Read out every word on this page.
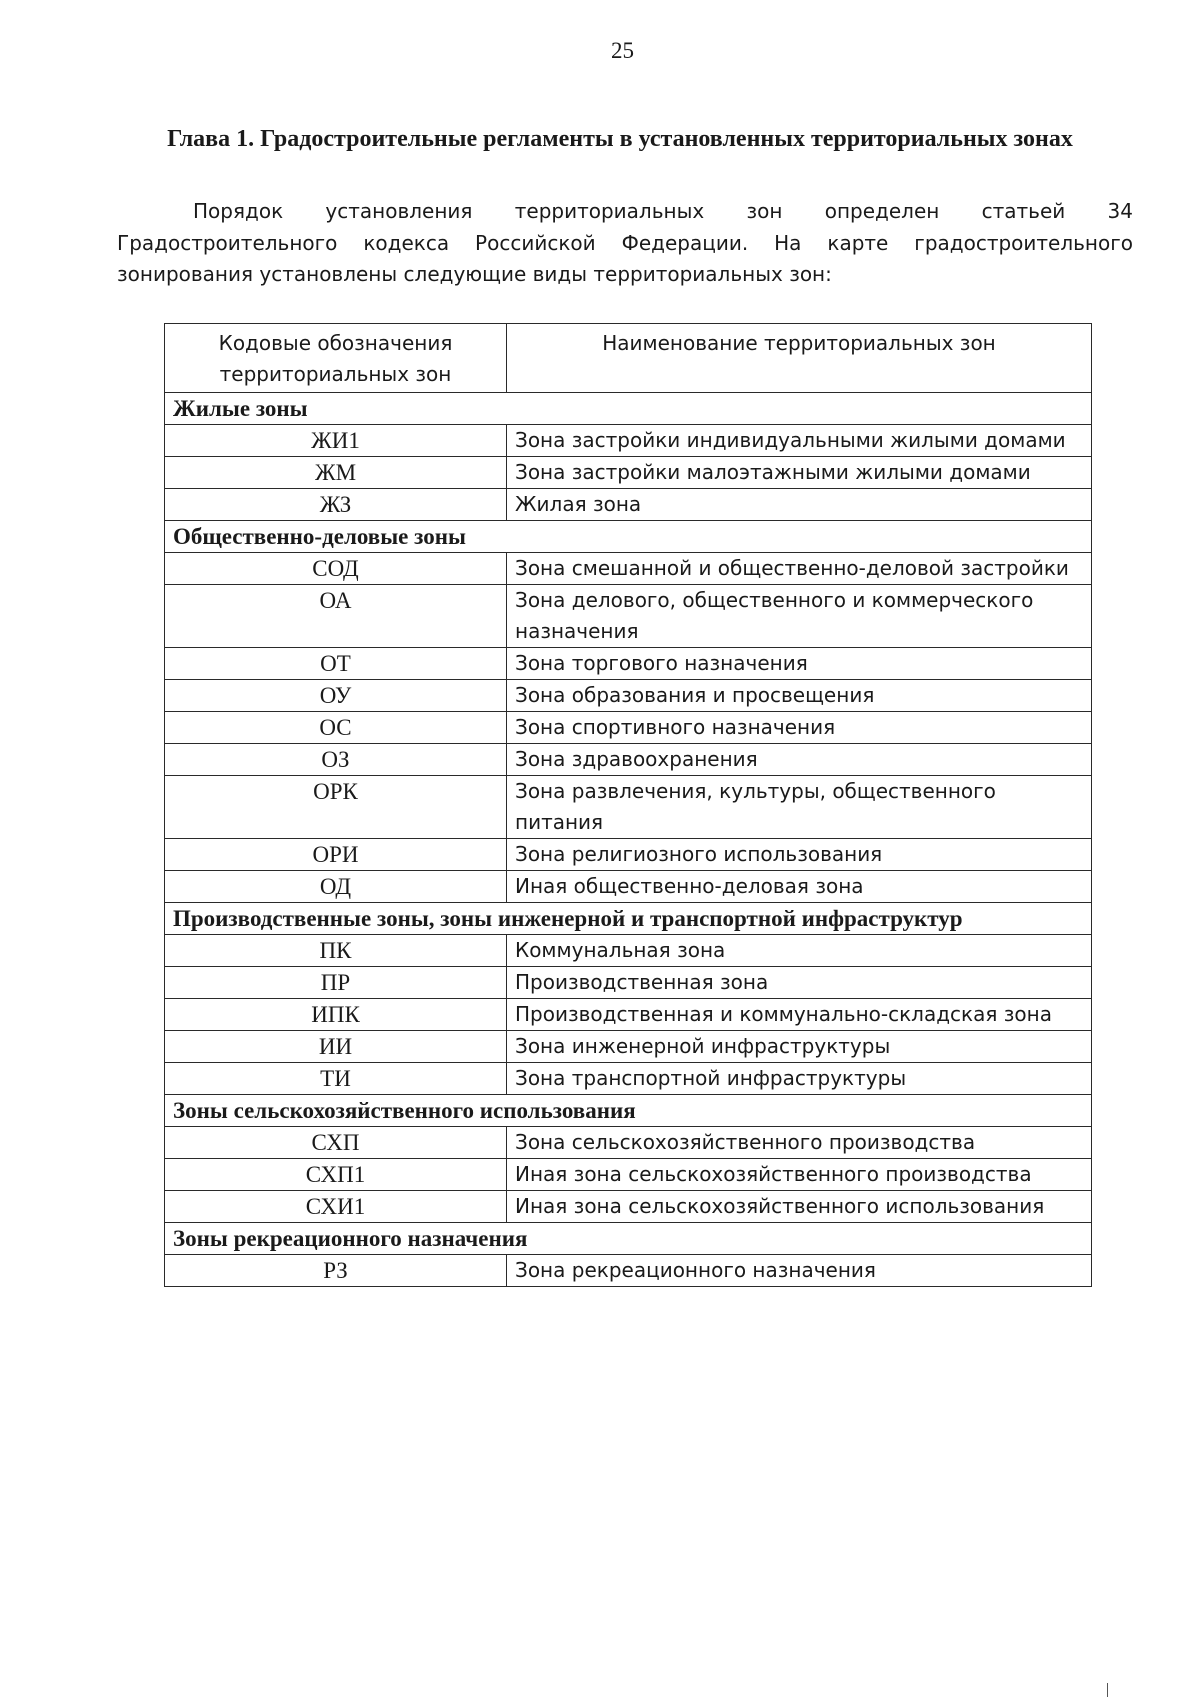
25
Глава 1. Градостроительные регламенты в установленных территориальных зонах

Порядок установления территориальных зон определен статьей 34 Градостроительного кодекса Российской Федерации. На карте градостроительного зонирования установлены следующие виды территориальных зон:

Кодовые обозначения территориальных зон	Наименование территориальных зон
Жилые зоны	
ЖИ1	Зона застройки индивидуальными жилыми домами
ЖМ	Зона застройки малоэтажными жилыми домами
ЖЗ	Жилая зона
Общественно-деловые зоны	
СОД	Зона смешанной и общественно-деловой застройки
ОА	Зона делового, общественного и коммерческого назначения
ОТ	Зона торгового назначения
ОУ	Зона образования и просвещения
ОС	Зона спортивного назначения
ОЗ	Зона здравоохранения
ОРК	Зона развлечения, культуры, общественного питания
ОРИ	Зона религиозного использования
ОД	Иная общественно-деловая зона
Производственные зоны, зоны инженерной и транспортной инфраструктур	
ПК	Коммунальная зона
ПР	Производственная зона
ИПК	Производственная и коммунально-складская зона
ИИ	Зона инженерной инфраструктуры
ТИ	Зона транспортной инфраструктуры
Зоны сельскохозяйственного использования	
СХП	Зона сельскохозяйственного производства
СХП1	Иная зона сельскохозяйственного производства
СХИ1	Иная зона сельскохозяйственного использования
Зоны рекреационного назначения	
РЗ	Зона рекреационного назначения
